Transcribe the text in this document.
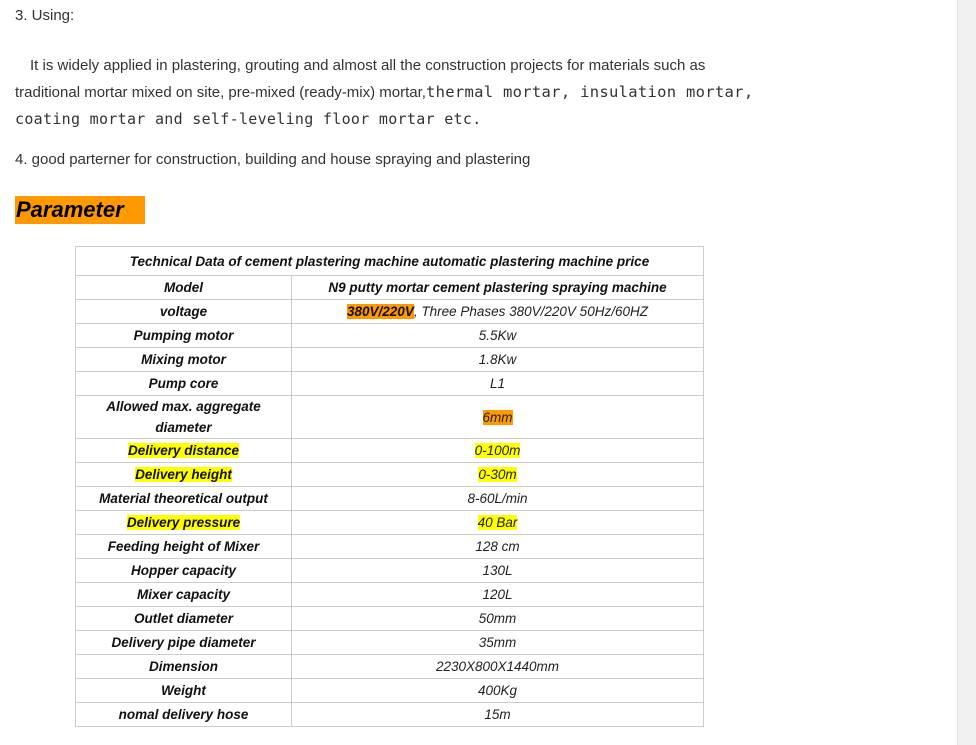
3. Using:

It is widely applied in plastering, grouting and almost all the construction projects for materials such as
traditional mortar mixed on site, pre-mixed (ready-mix) mortar,thermal mortar, insulation mortar,
coating mortar and self-leveling floor mortar etc.

4. good parterner for construction, building and house spraying and plastering

Parameter
Technical Data of cement plastering machine automatic plastering machine price	
Model	N9 putty mortar cement plastering spraying machine
voltage	380V/220V, Three Phases 380V/220V 50Hz/60HZ
Pumping motor	5.5Kw
Mixing motor	1.8Kw
Pump core	L1
Allowed max. aggregate
diameter	6mm
Delivery distance	0-100m
Delivery height	0-30m
Material theoretical output	8-60L/min
Delivery pressure	40 Bar
Feeding height of Mixer	128 cm
Hopper capacity	130L
Mixer capacity	120L
Outlet diameter	50mm
Delivery pipe diameter	35mm
Dimension	2230X800X1440mm
Weight	400Kg
nomal delivery hose	15m
